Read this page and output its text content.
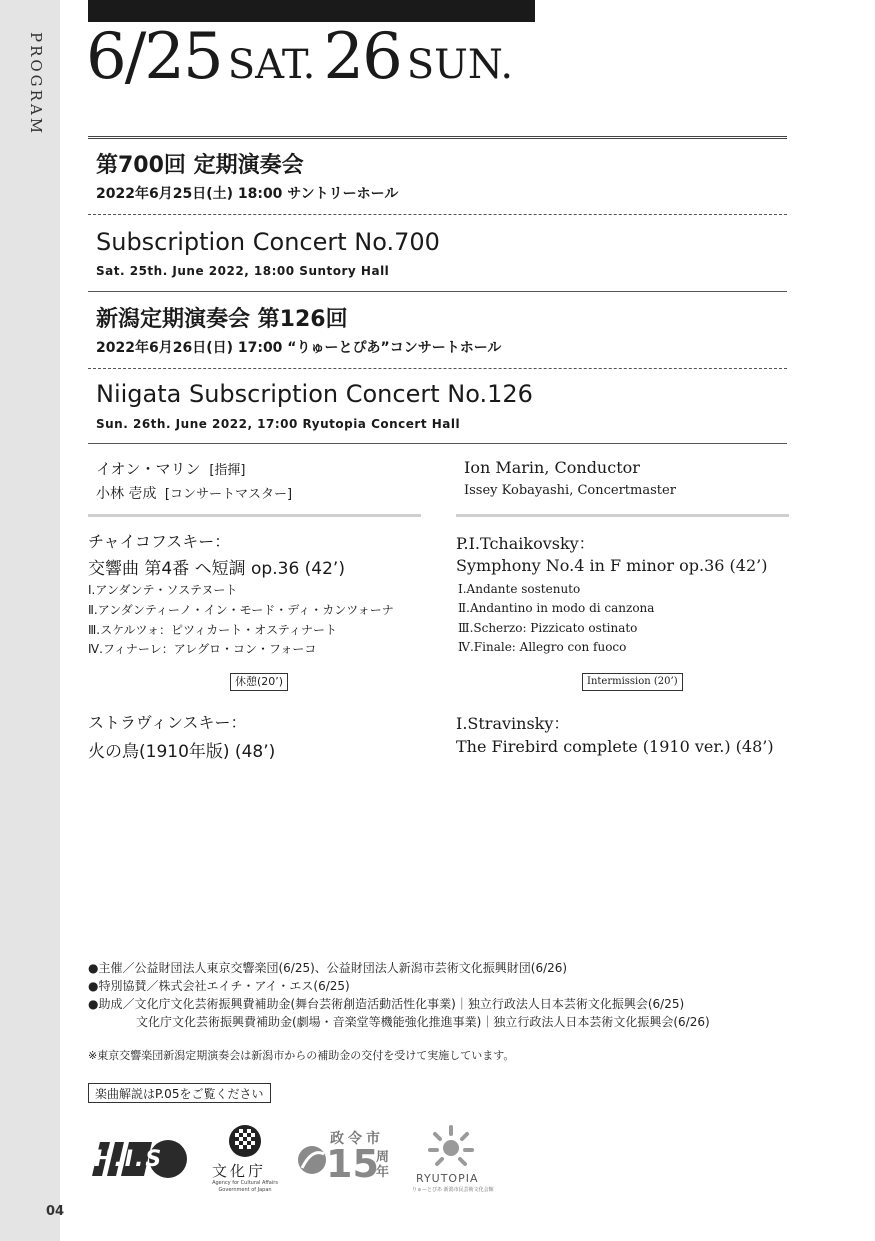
PROGRAM
04
6/25 SAT. 26 SUN.
第700回 定期演奏会
2022年6月25日(土) 18:00 サントリーホール
Subscription Concert No.700
Sat. 25th. June 2022, 18:00 Suntory Hall
新潟定期演奏会 第126回
2022年6月26日(日) 17:00 “りゅーとぴあ”コンサートホール
Niigata Subscription Concert No.126
Sun. 26th. June 2022, 17:00 Ryutopia Concert Hall
イオン・マリン [指揮]
小林 壱成 [コンサートマスター]
Ion Marin, Conductor
Issey Kobayashi, Concertmaster
チャイコフスキー：
交響曲 第4番 ヘ短調 op.36 (42’)
Ⅰ.アンダンテ・ソステヌート
Ⅱ.アンダンティーノ・イン・モード・ディ・カンツォーナ
Ⅲ.スケルツォ：ピツィカート・オスティナート
Ⅳ.フィナーレ：アレグロ・コン・フォーコ
P.I.Tchaikovsky：
Symphony No.4 in F minor op.36 (42’)
Ⅰ.Andante sostenuto
Ⅱ.Andantino in modo di canzona
Ⅲ.Scherzo: Pizzicato ostinato
Ⅳ.Finale: Allegro con fuoco
休憩(20’)	Intermission (20’)
ストラヴィンスキー：
火の鳥(1910年版) (48’)
I.Stravinsky：
The Firebird complete (1910 ver.) (48’)
●主催／公益財団法人東京交響楽団(6/25)、公益財団法人新潟市芸術文化振興財団(6/26)
●特別協賛／株式会社エイチ・アイ・エス(6/25)
●助成／文化庁文化芸術振興費補助金(舞台芸術創造活動活性化事業)｜独立行政法人日本芸術文化振興会(6/25)
　　　　文化庁文化芸術振興費補助金(劇場・音楽堂等機能強化推進事業)｜独立行政法人日本芸術文化振興会(6/26)
※東京交響楽団新潟定期演奏会は新潟市からの補助金の交付を受けて実施しています。
楽曲解説はP.05をご覧ください
H.I.S	文化庁
Agency for Cultural Affairs
Government of Japan
政令市
15
周年 RYUTOPIA
りゅーとぴあ 新潟市民芸術文化会館
